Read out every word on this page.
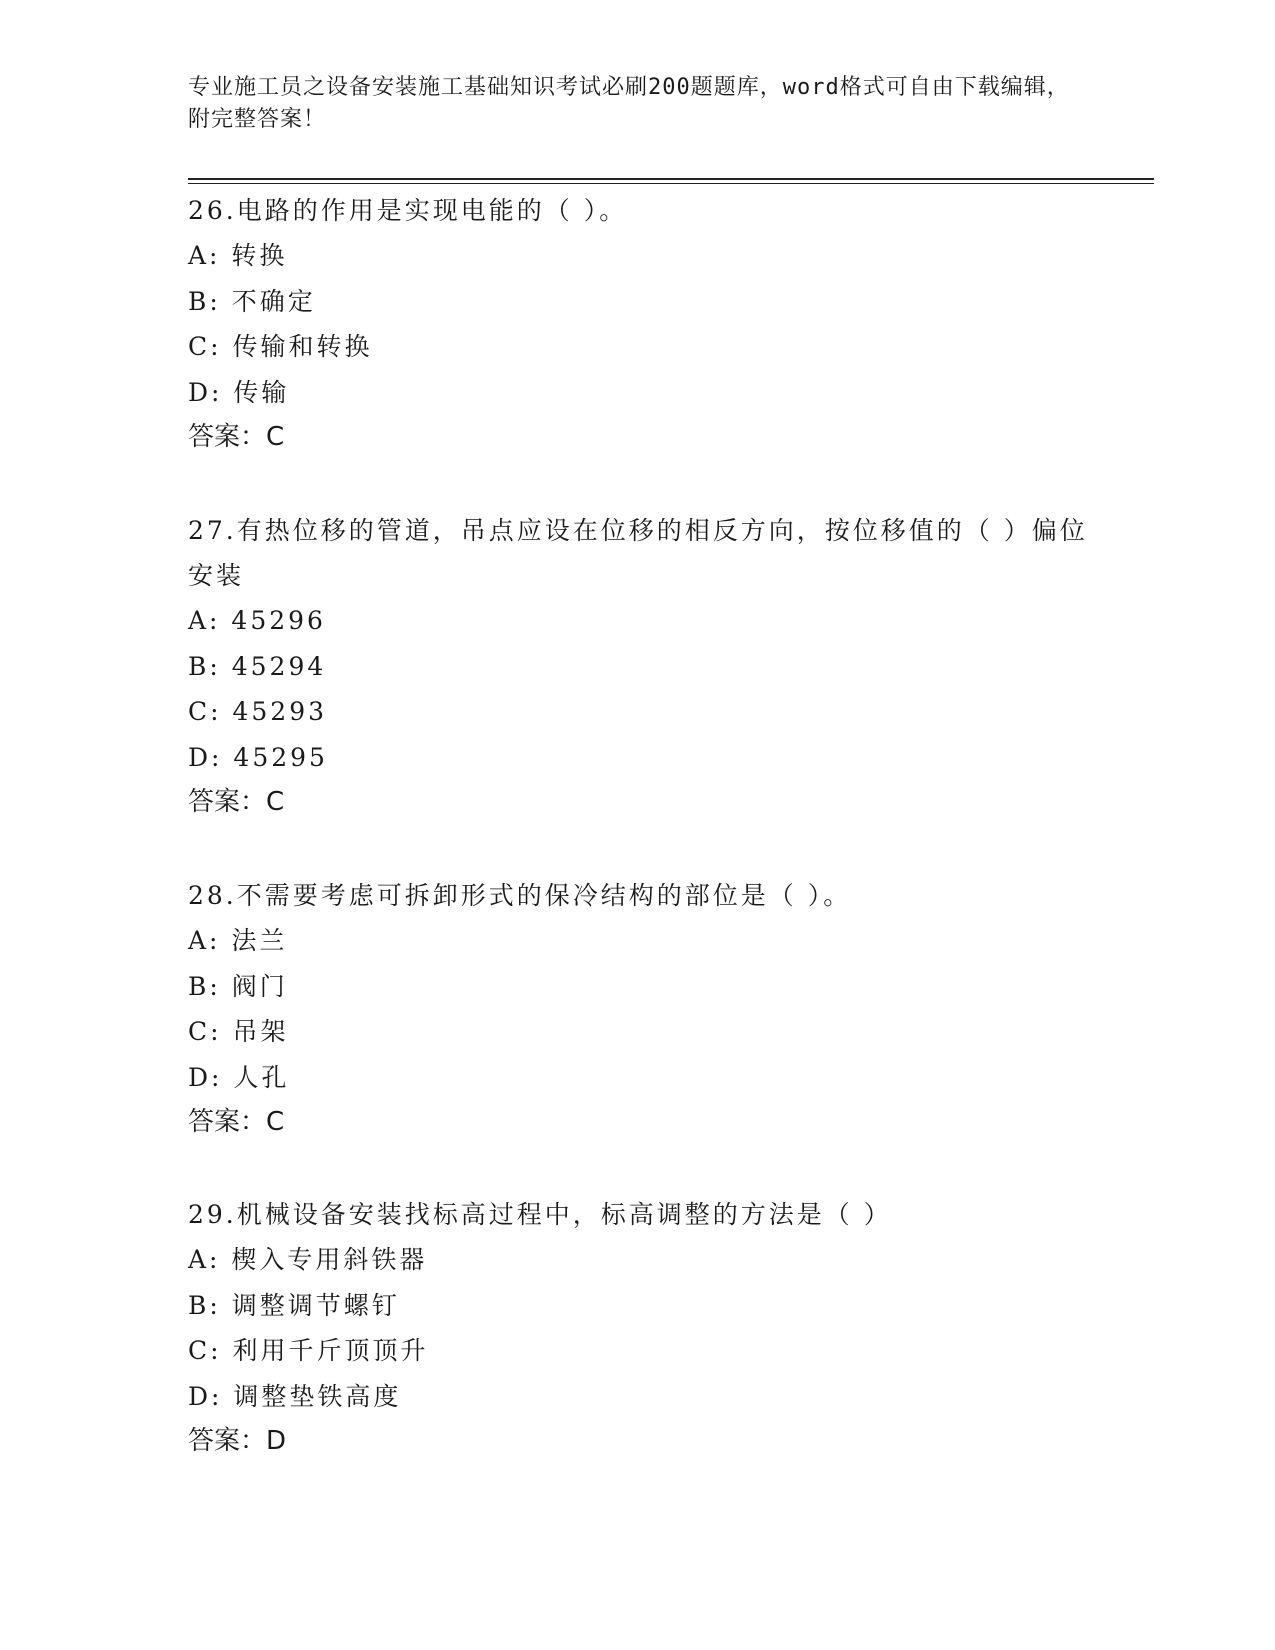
专业施工员之设备安装施工基础知识考试必刷200题题库，word格式可自由下载编辑，附完整答案！
26.电路的作用是实现电能的（ ）。
A: 转换
B: 不确定
C: 传输和转换
D: 传输
答案：C
27.有热位移的管道，吊点应设在位移的相反方向，按位移值的（ ）偏位安装
A: 45296
B: 45294
C: 45293
D: 45295
答案：C
28.不需要考虑可拆卸形式的保冷结构的部位是（ ）。
A: 法兰
B: 阀门
C: 吊架
D: 人孔
答案：C
29.机械设备安装找标高过程中，标高调整的方法是（ ）
A: 楔入专用斜铁器
B: 调整调节螺钉
C: 利用千斤顶顶升
D: 调整垫铁高度
答案：D
